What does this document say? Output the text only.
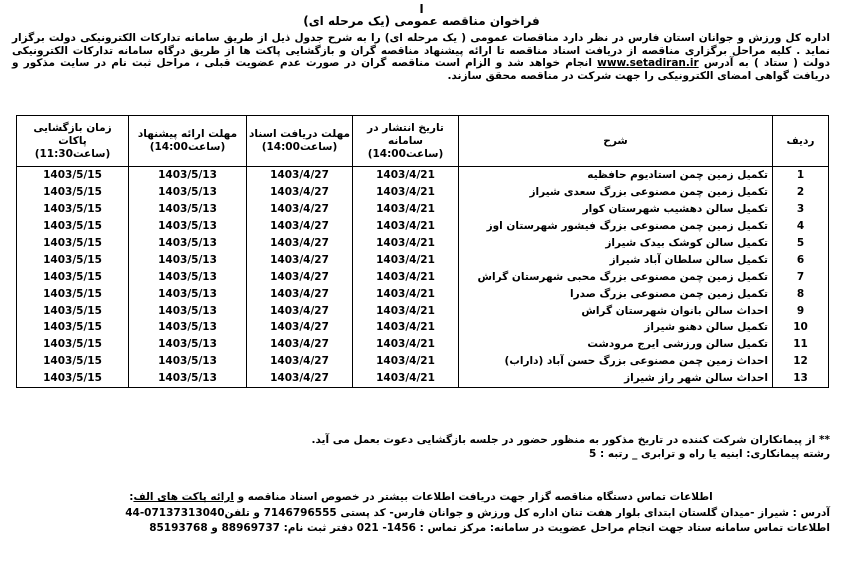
ا
فراخوان مناقصه عمومی (یک مرحله ای)
اداره کل ورزش و جوانان استان فارس در نظر دارد مناقصات عمومی ( یک مرحله ای) را به شرح جدول ذیل از طریق سامانه تدارکات الکترونیکی دولت برگزار نماید . کلیه مراحل برگزاری مناقصه از دریافت اسناد مناقصه تا ارائه پیشنهاد مناقصه گران و بازگشایی پاکت ها از طریق درگاه سامانه تدارکات الکترونیکی دولت ( ستاد ) به آدرس www.setadiran.ir انجام خواهد شد و الزام است مناقصه گران در صورت عدم عضویت قبلی ، مراحل ثبت نام در سایت مذکور و دریافت گواهی امضای الکترونیکی را جهت شرکت در مناقصه محقق سازند.
ردیف	شرح	تاریخ انتشار در سامانه (ساعت14:00)	مهلت دریافت اسناد (ساعت14:00)	مهلت ارائه پیشنهاد (ساعت14:00)	زمان بازگشایی پاکات (ساعت11:30)
1	تکمیل زمین چمن استادیوم حافظیه	1403/4/21	1403/4/27	1403/5/13	1403/5/15
2	تکمیل زمین چمن مصنوعی بزرگ سعدی شیراز	1403/4/21	1403/4/27	1403/5/13	1403/5/15
3	تکمیل سالن دهشیب شهرستان کوار	1403/4/21	1403/4/27	1403/5/13	1403/5/15
4	تکمیل زمین چمن مصنوعی بزرگ فیشور شهرستان اوز	1403/4/21	1403/4/27	1403/5/13	1403/5/15
5	تکمیل سالن کوشک بیدک شیراز	1403/4/21	1403/4/27	1403/5/13	1403/5/15
6	تکمیل سالن سلطان آباد شیراز	1403/4/21	1403/4/27	1403/5/13	1403/5/15
7	تکمیل زمین چمن مصنوعی بزرگ محبی شهرستان گراش	1403/4/21	1403/4/27	1403/5/13	1403/5/15
8	تکمیل زمین چمن مصنوعی بزرگ صدرا	1403/4/21	1403/4/27	1403/5/13	1403/5/15
9	احداث سالن بانوان شهرستان گراش	1403/4/21	1403/4/27	1403/5/13	1403/5/15
10	تکمیل سالن دهنو شیراز	1403/4/21	1403/4/27	1403/5/13	1403/5/15
11	تکمیل سالن ورزشی ایرج مرودشت	1403/4/21	1403/4/27	1403/5/13	1403/5/15
12	احداث زمین چمن مصنوعی بزرگ حسن آباد (داراب)	1403/4/21	1403/4/27	1403/5/13	1403/5/15
13	احداث سالن شهر راز شیراز	1403/4/21	1403/4/27	1403/5/13	1403/5/15
** از پیمانکاران شرکت کننده در تاریخ مذکور به منظور حضور در جلسه بازگشایی دعوت بعمل می آید.
رشته پیمانکاری: ابنیه یا راه و ترابری _ رتبه : 5
اطلاعات تماس دستگاه مناقصه گزار جهت دریافت اطلاعات بیشتر در خصوص اسناد مناقصه و ارائه پاکت های الف:
آدرس : شیراز -میدان گلستان ابتدای بلوار هفت تنان اداره کل ورزش و جوانان فارس- کد پستی 7146796555 و تلفن07137313040-44
اطلاعات تماس سامانه ستاد جهت انجام مراحل عضویت در سامانه: مرکز تماس : 1456- 021 دفتر ثبت نام: 88969737 و 85193768
